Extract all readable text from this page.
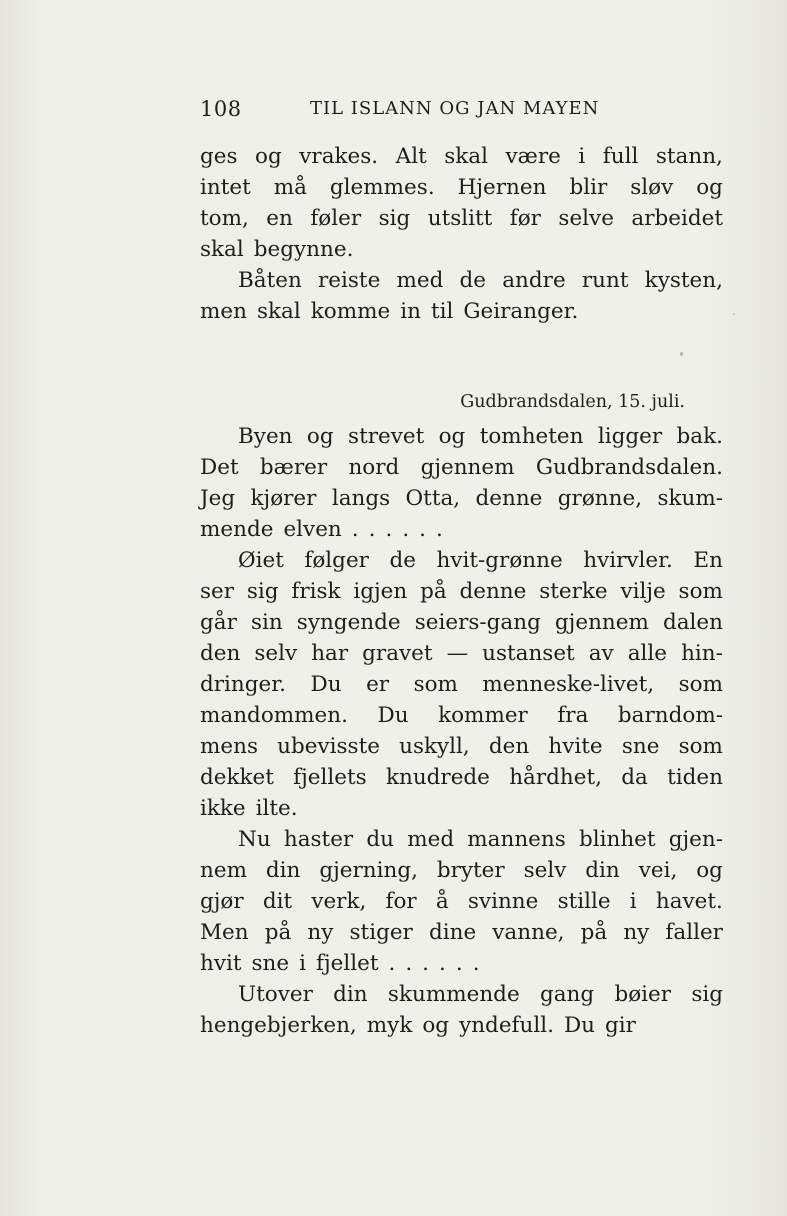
108	TIL ISLANN OG JAN MAYEN
ges og vrakes. Alt skal være i full stann,
intet må glemmes. Hjernen blir sløv og
tom, en føler sig utslitt før selve arbeidet
skal begynne.
Båten reiste med de andre runt kysten,
men skal komme in til Geiranger.
Gudbrandsdalen, 15. juli.
Byen og strevet og tomheten ligger bak.
Det bærer nord gjennem Gudbrandsdalen.
Jeg kjører langs Otta, denne grønne, skum-
mende elven . . . . . .
Øiet følger de hvit-grønne hvirvler. En
ser sig frisk igjen på denne sterke vilje som
går sin syngende seiers-gang gjennem dalen
den selv har gravet — ustanset av alle hin-
dringer. Du er som menneske-livet, som
mandommen. Du kommer fra barndom-
mens ubevisste uskyll, den hvite sne som
dekket fjellets knudrede hårdhet, da tiden
ikke ilte.
Nu haster du med mannens blinhet gjen-
nem din gjerning, bryter selv din vei, og
gjør dit verk, for å svinne stille i havet.
Men på ny stiger dine vanne, på ny faller
hvit sne i fjellet . . . . . .
Utover din skummende gang bøier sig
hengebjerken, myk og yndefull. Du gir
